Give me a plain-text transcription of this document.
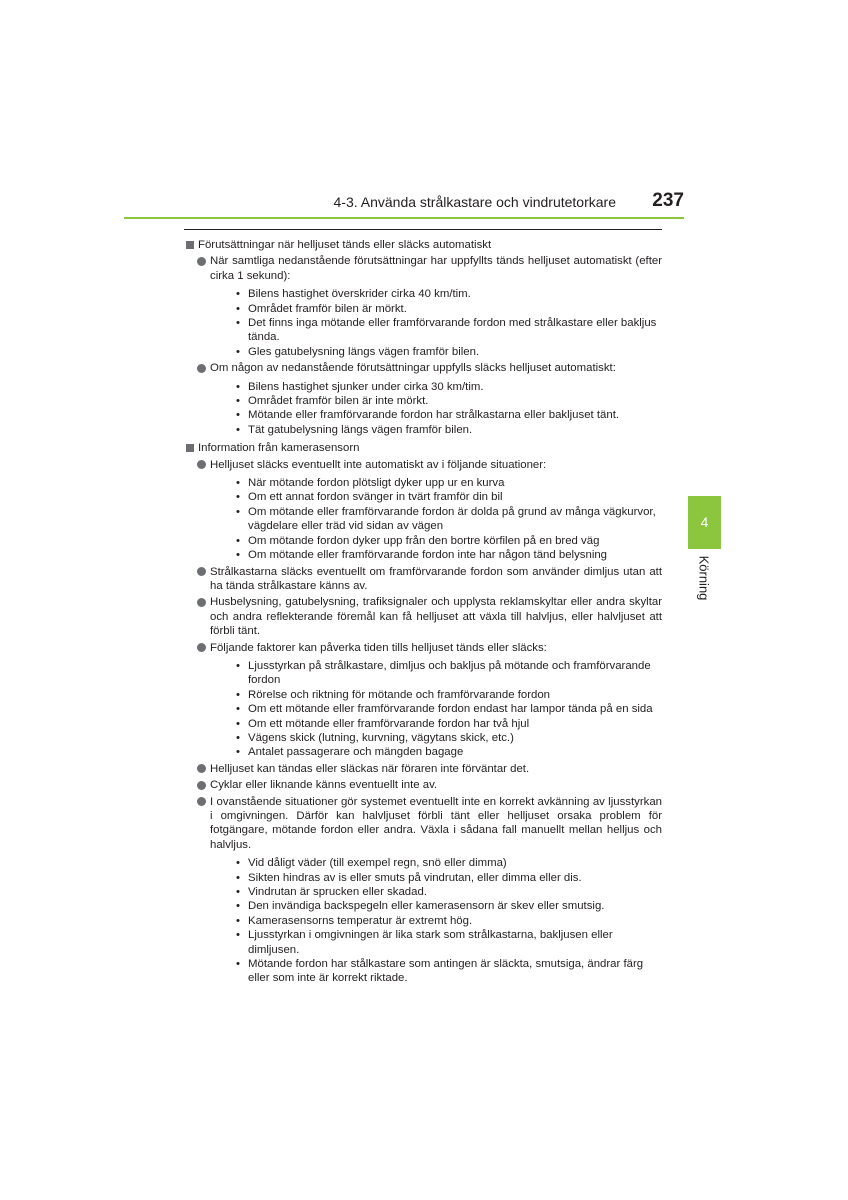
4-3. Använda strålkastare och vindrutetorkare 237
Förutsättningar när helljuset tänds eller släcks automatiskt
När samtliga nedanstående förutsättningar har uppfyllts tänds helljuset automatiskt (efter cirka 1 sekund):
• Bilens hastighet överskrider cirka 40 km/tim.
• Området framför bilen är mörkt.
• Det finns inga mötande eller framförvarande fordon med strålkastare eller bakljus tända.
• Gles gatubelysning längs vägen framför bilen.
Om någon av nedanstående förutsättningar uppfylls släcks helljuset automatiskt:
• Bilens hastighet sjunker under cirka 30 km/tim.
• Området framför bilen är inte mörkt.
• Mötande eller framförvarande fordon har strålkastarna eller bakljuset tänt.
• Tät gatubelysning längs vägen framför bilen.
Information från kamerasensorn
Helljuset släcks eventuellt inte automatiskt av i följande situationer:
• När mötande fordon plötsligt dyker upp ur en kurva
• Om ett annat fordon svänger in tvärt framför din bil
• Om mötande eller framförvarande fordon är dolda på grund av många vägkurvor, vägdelare eller träd vid sidan av vägen
• Om mötande fordon dyker upp från den bortre körfilen på en bred väg
• Om mötande eller framförvarande fordon inte har någon tänd belysning
Strålkastarna släcks eventuellt om framförvarande fordon som använder dimljus utan att ha tända strålkastare känns av.
Husbelysning, gatubelysning, trafiksignaler och upplysta reklamskyltar eller andra skyltar och andra reflekterande föremål kan få helljuset att växla till halvljus, eller halvljuset att förbli tänt.
Följande faktorer kan påverka tiden tills helljuset tänds eller släcks:
• Ljusstyrkan på strålkastare, dimljus och bakljus på mötande och framförvarande fordon
• Rörelse och riktning för mötande och framförvarande fordon
• Om ett mötande eller framförvarande fordon endast har lampor tända på en sida
• Om ett mötande eller framförvarande fordon har två hjul
• Vägens skick (lutning, kurvning, vägytans skick, etc.)
• Antalet passagerare och mängden bagage
Helljuset kan tändas eller släckas när föraren inte förväntar det.
Cyklar eller liknande känns eventuellt inte av.
I ovanstående situationer gör systemet eventuellt inte en korrekt avkänning av ljusstyrkan i omgivningen. Därför kan halvljuset förbli tänt eller helljuset orsaka problem för fotgängare, mötande fordon eller andra. Växla i sådana fall manuellt mellan helljus och halvljus.
• Vid dåligt väder (till exempel regn, snö eller dimma)
• Sikten hindras av is eller smuts på vindrutan, eller dimma eller dis.
• Vindrutan är sprucken eller skadad.
• Den invändiga backspegeln eller kamerasensorn är skev eller smutsig.
• Kamerasensorns temperatur är extremt hög.
• Ljusstyrkan i omgivningen är lika stark som strålkastarna, bakljusen eller dimljusen.
• Mötande fordon har stålkastare som antingen är släckta, smutsiga, ändrar färg eller som inte är korrekt riktade.
4
Körning
